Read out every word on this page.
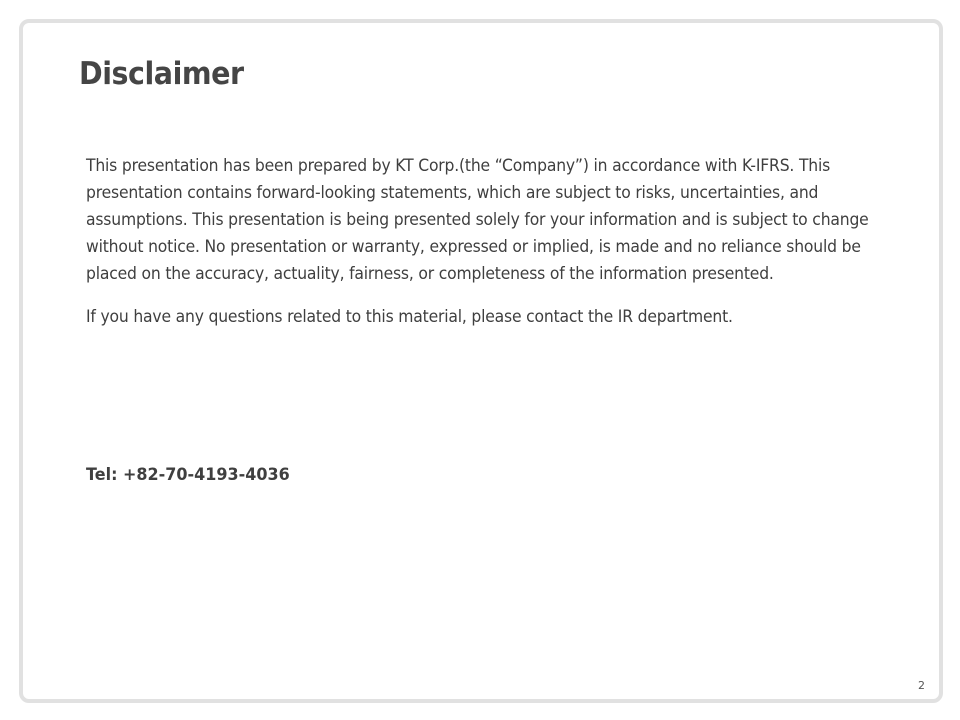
Disclaimer

This presentation has been prepared by KT Corp.(the “Company”) in accordance with K-IFRS. This presentation contains forward-looking statements, which are subject to risks, uncertainties, and assumptions. This presentation is being presented solely for your information and is subject to change without notice. No presentation or warranty, expressed or implied, is made and no reliance should be placed on the accuracy, actuality, fairness, or completeness of the information presented.

If you have any questions related to this material, please contact the IR department.

Tel: +82-70-4193-4036

2
